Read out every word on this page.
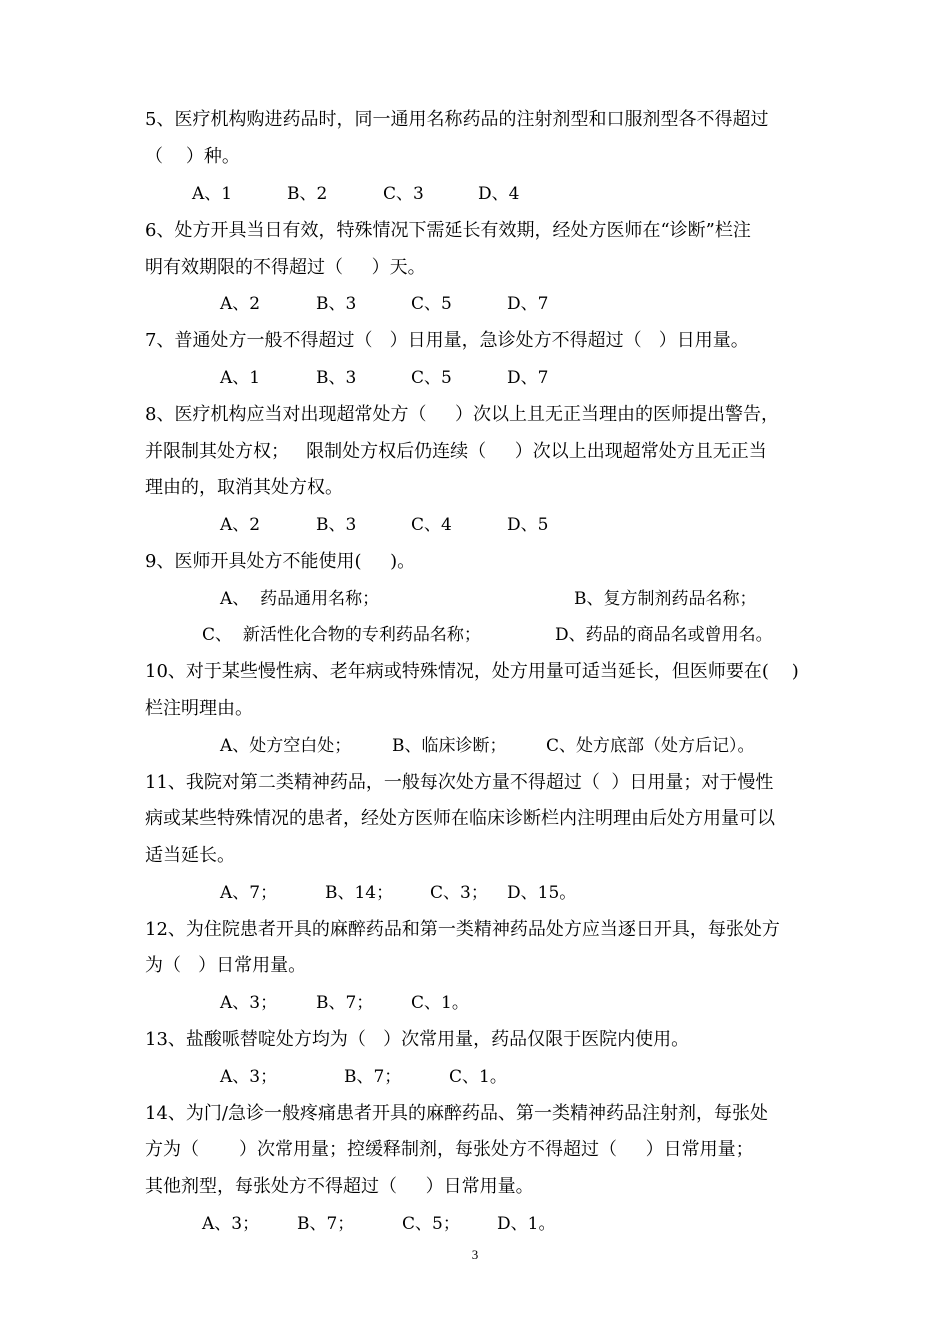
5、医疗机构购进药品时，同一通用名称药品的注射剂型和口服剂型各不得超过
（    ）种。
A、1	B、2	C、3	D、4
6、处方开具当日有效，特殊情况下需延长有效期，经处方医师在“诊断”栏注
明有效期限的不得超过（     ）天。
A、2	B、3	C、5	D、7
7、普通处方一般不得超过（   ）日用量，急诊处方不得超过（   ）日用量。
A、1	B、3	C、5	D、7
8、医疗机构应当对出现超常处方（     ）次以上且无正当理由的医师提出警告，
并限制其处方权；   限制处方权后仍连续（     ）次以上出现超常处方且无正当
理由的，取消其处方权。
A、2	B、3	C、4	D、5
9、医师开具处方不能使用(     )。
A、  药品通用名称；	B、复方制剂药品名称；
C、  新活性化合物的专利药品名称；	D、药品的商品名或曾用名。
10、对于某些慢性病、老年病或特殊情况，处方用量可适当延长，但医师要在(    )
栏注明理由。
A、处方空白处； B、临床诊断； C、处方底部（处方后记）。
11、我院对第二类精神药品，一般每次处方量不得超过（  ）日用量；对于慢性
病或某些特殊情况的患者，经处方医师在临床诊断栏内注明理由后处方用量可以
适当延长。
A、7；	B、14； C、3； D、15。
12、为住院患者开具的麻醉药品和第一类精神药品处方应当逐日开具，每张处方
为（   ）日常用量。
A、3； B、7； C、1。
13、盐酸哌替啶处方均为（   ）次常用量，药品仅限于医院内使用。
A、3；	B、7；	C、1。
14、为门/急诊一般疼痛患者开具的麻醉药品、第一类精神药品注射剂，每张处
方为（       ）次常用量；控缓释制剂，每张处方不得超过（     ）日常用量；
其他剂型，每张处方不得超过（     ）日常用量。
A、3； B、7；	C、5； D、1。
3
